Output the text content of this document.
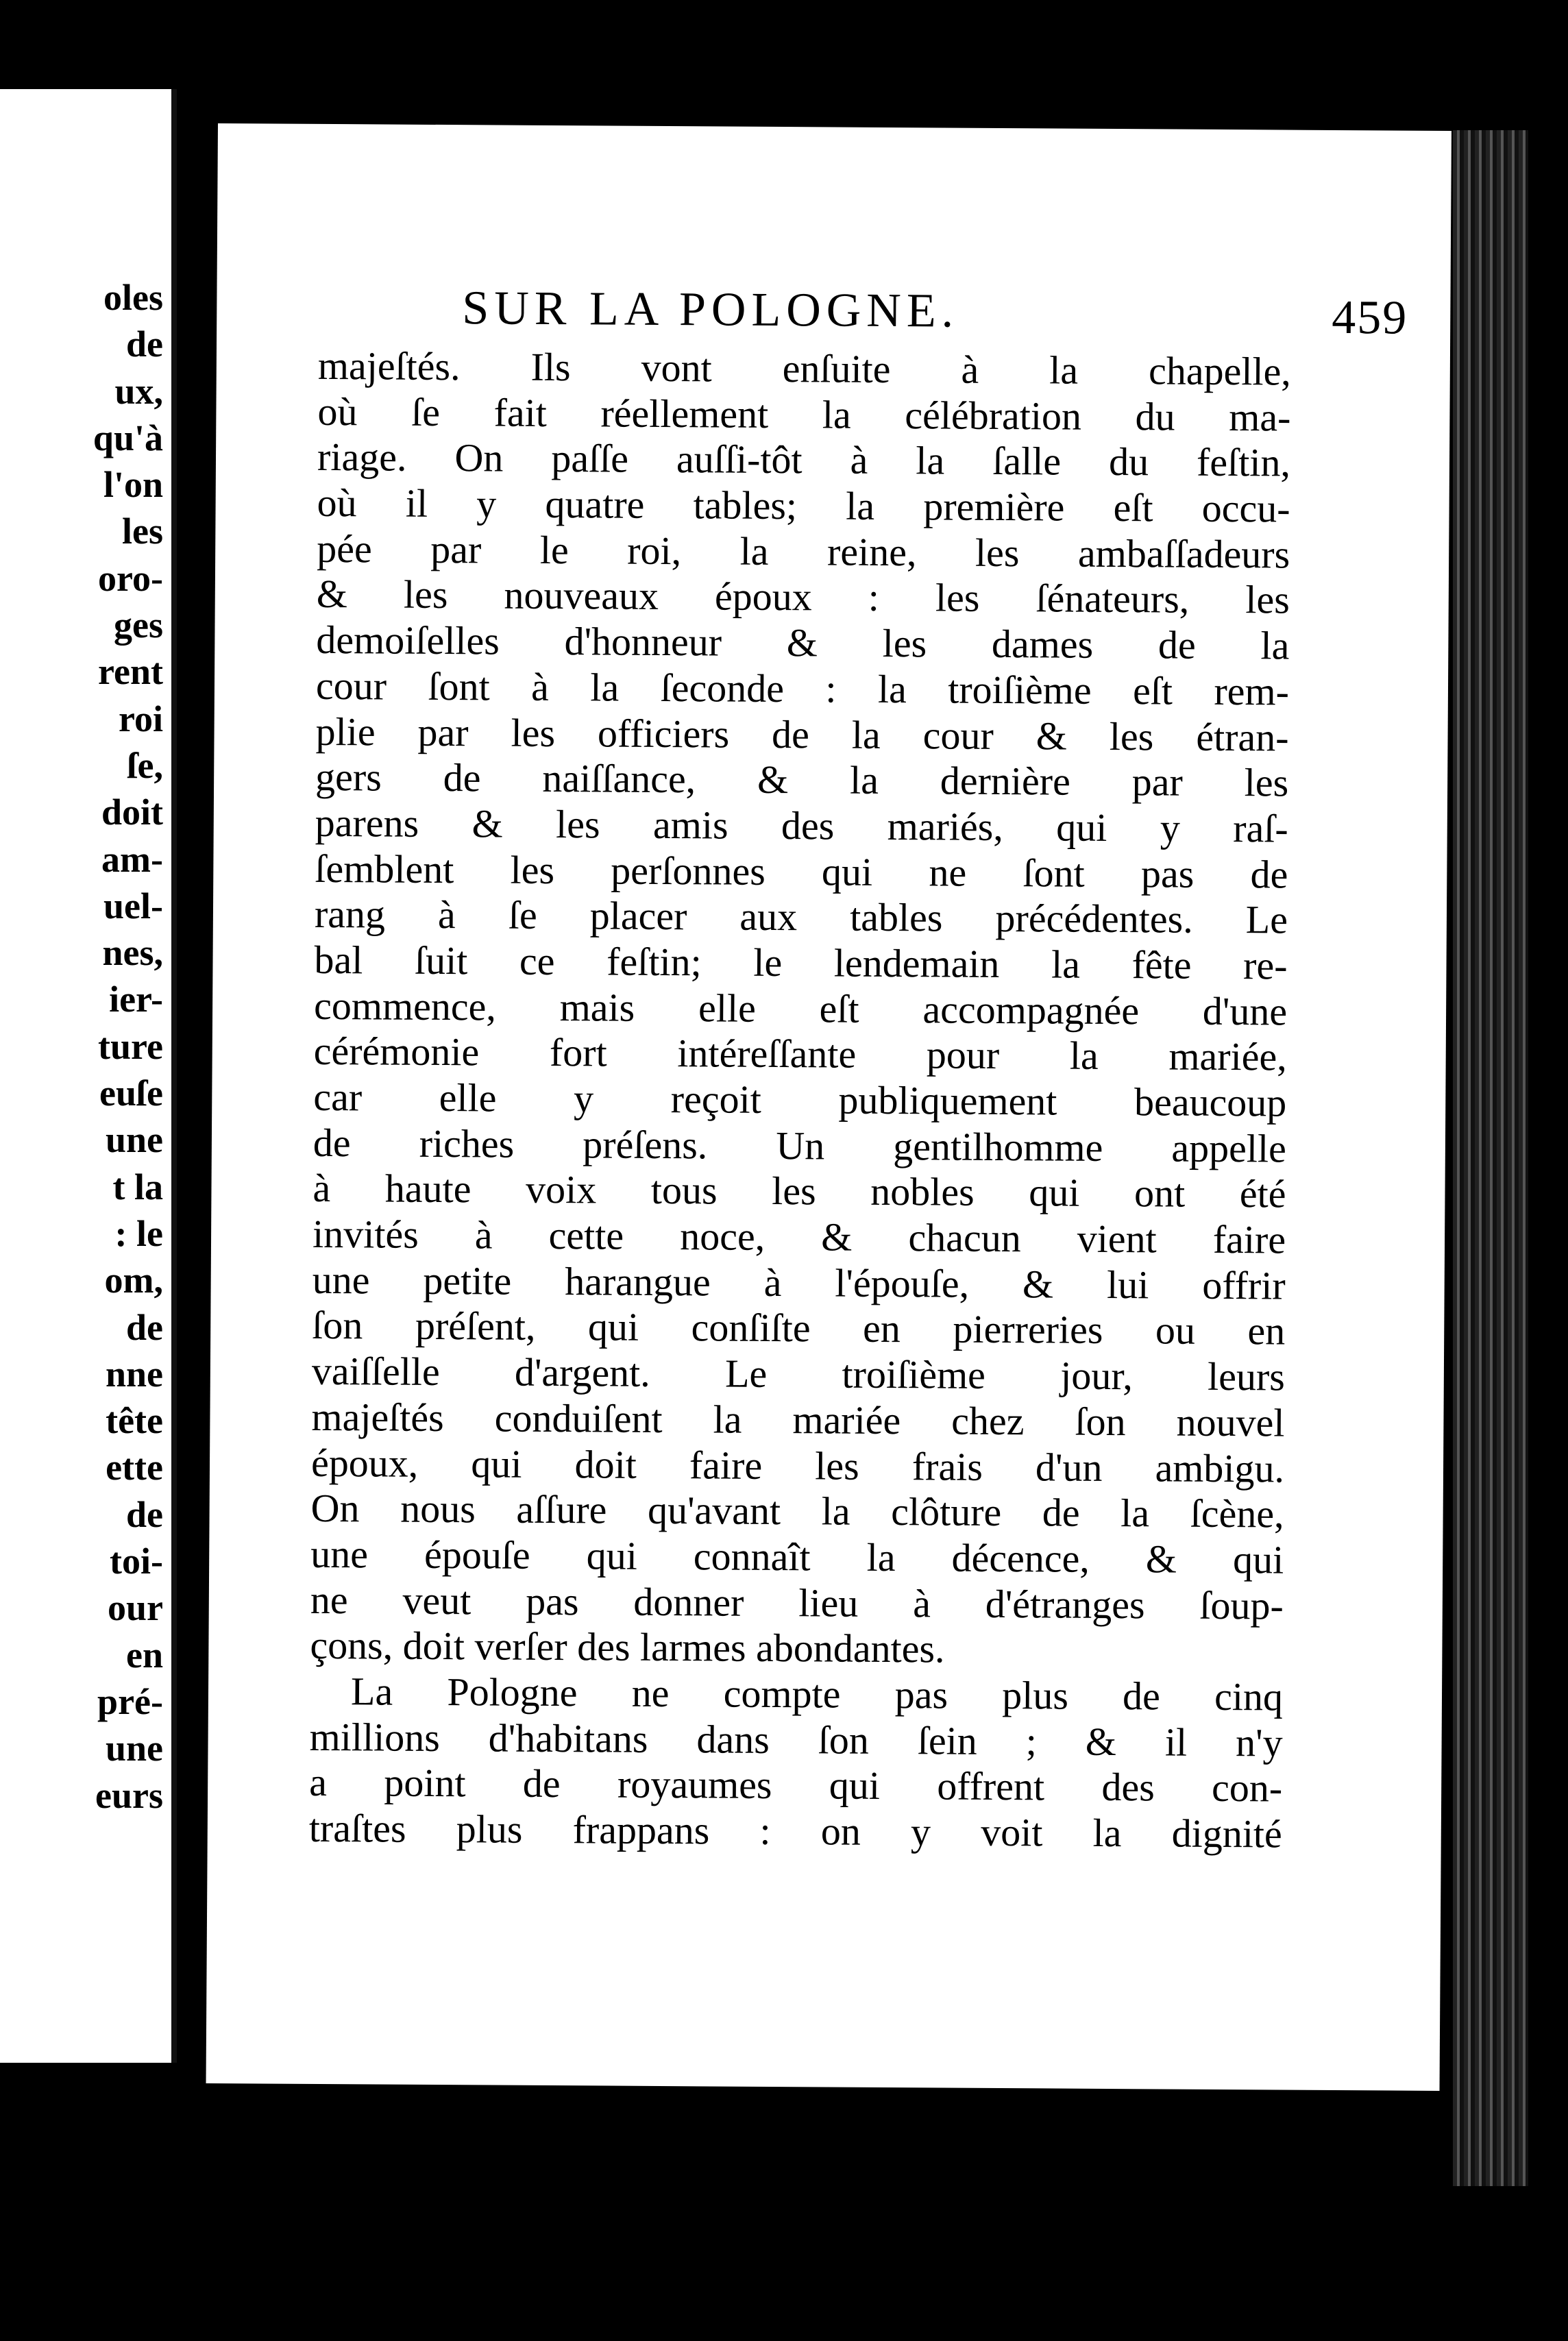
oles
de
ux,
qu'à
l'on
les
oro-
ges
rent
roi
ſe,
doit
am-
uel-
nes,
ier-
ture
euſe
une
t la
: le
om,
de
nne
tête
ette
de
toi-
our
en
pré-
une
eurs
SUR LA POLOGNE.	459
majeſtés. Ils vont enſuite à la chapelle,
où ſe fait réellement la célébration du ma-
riage. On paſſe auſſi-tôt à la ſalle du feſtin,
où il y quatre tables; la première eſt occu-
pée par le roi, la reine, les ambaſſadeurs
& les nouveaux époux : les ſénateurs, les
demoiſelles d'honneur & les dames de la
cour ſont à la ſeconde : la troiſième eſt rem-
plie par les officiers de la cour & les étran-
gers de naiſſance, & la dernière par les
parens & les amis des mariés, qui y raſ-
ſemblent les perſonnes qui ne ſont pas de
rang à ſe placer aux tables précédentes. Le
bal ſuit ce feſtin; le lendemain la fête re-
commence, mais elle eſt accompagnée d'une
cérémonie fort intéreſſante pour la mariée,
car elle y reçoit publiquement beaucoup
de riches préſens. Un gentilhomme appelle
à haute voix tous les nobles qui ont été
invités à cette noce, & chacun vient faire
une petite harangue à l'épouſe, & lui offrir
ſon préſent, qui conſiſte en pierreries ou en
vaiſſelle d'argent. Le troiſième jour, leurs
majeſtés conduiſent la mariée chez ſon nouvel
époux, qui doit faire les frais d'un ambigu.
On nous aſſure qu'avant la clôture de la ſcène,
une épouſe qui connaît la décence, & qui
ne veut pas donner lieu à d'étranges ſoup-
çons, doit verſer des larmes abondantes.
La Pologne ne compte pas plus de cinq
millions d'habitans dans ſon ſein ; & il n'y
a point de royaumes qui offrent des con-
traſtes plus frappans : on y voit la dignité
